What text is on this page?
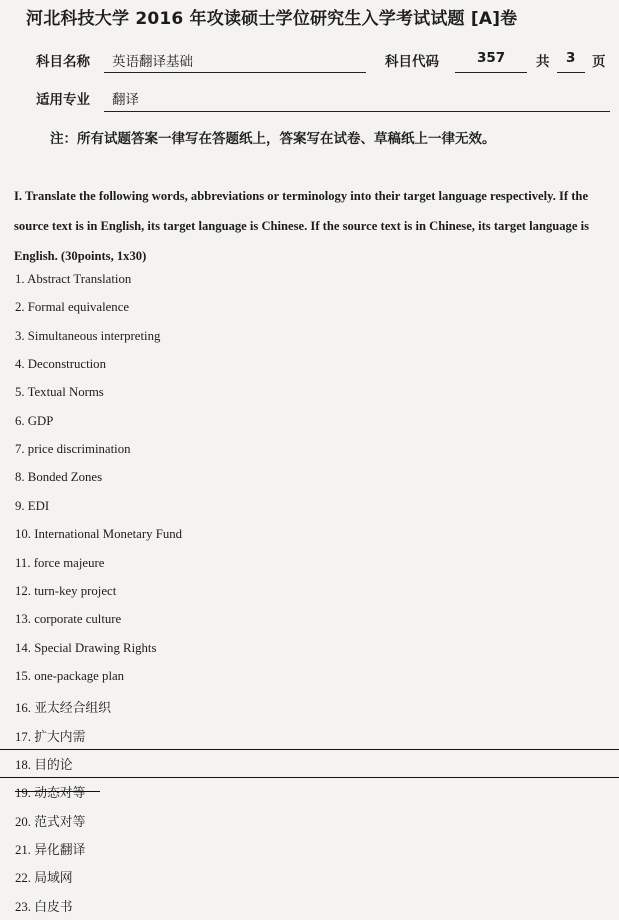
河北科技大学 2016 年攻读硕士学位研究生入学考试试题 [A]卷
科目名称 英语翻译基础	科目代码	357 共 3 页
适用专业 翻译
注：所有试题答案一律写在答题纸上，答案写在试卷、草稿纸上一律无效。
I. Translate the following words, abbreviations or terminology into their target language respectively. If the source text is in English, its target language is Chinese. If the source text is in Chinese, its target language is English. (30points, 1x30)
1. Abstract Translation
2. Formal equivalence
3. Simultaneous interpreting
4. Deconstruction
5. Textual Norms
6. GDP
7. price discrimination
8. Bonded Zones
9. EDI
10. International Monetary Fund
11. force majeure
12. turn-key project
13. corporate culture
14. Special Drawing Rights
15. one-package plan
16. 亚太经合组织
17. 扩大内需
18. 目的论
19. 动态对等
20. 范式对等
21. 异化翻译
22. 局域网
23. 白皮书
